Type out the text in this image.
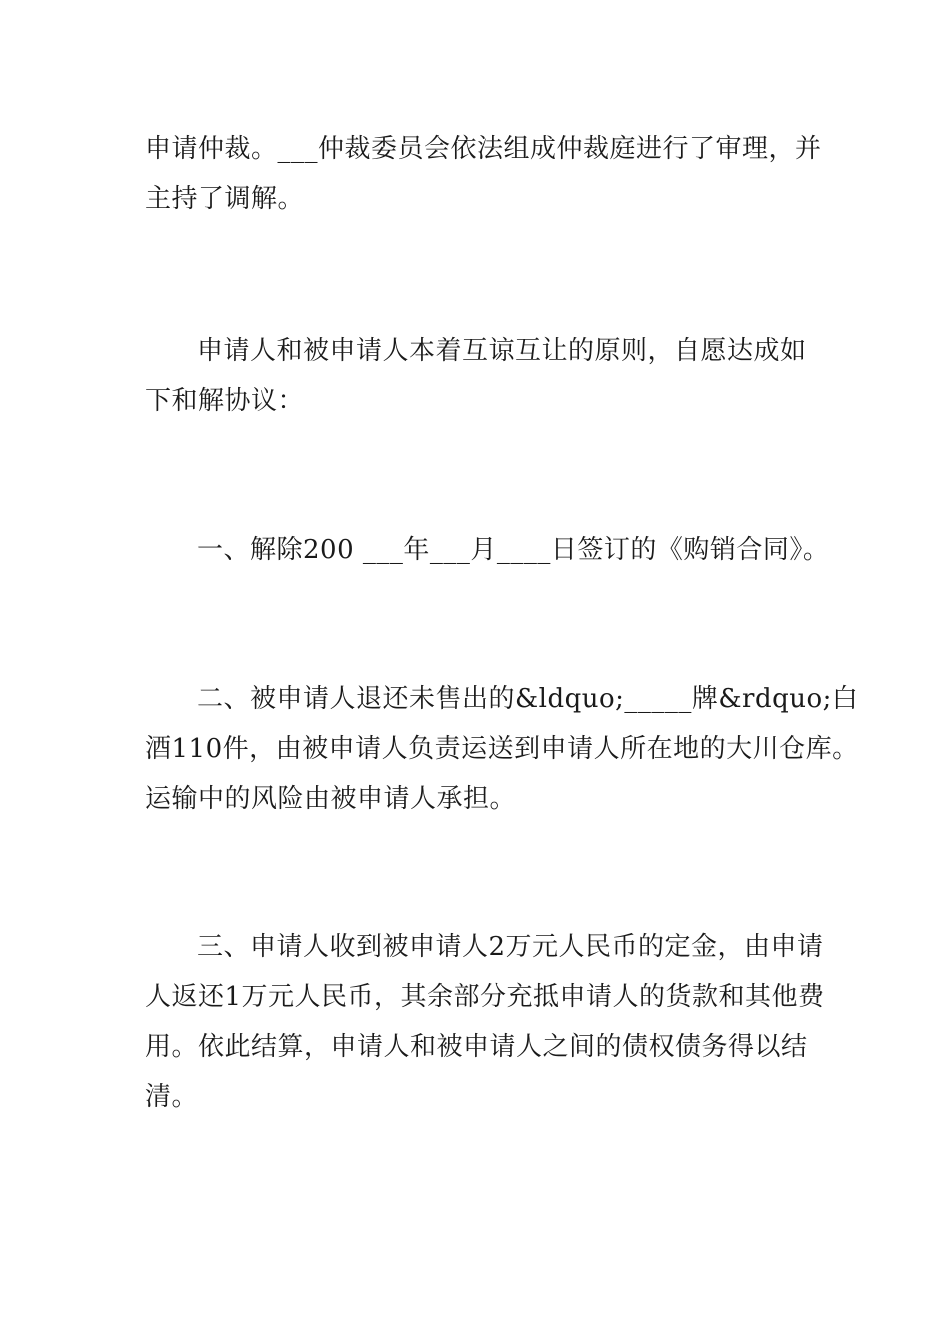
申请仲裁。___仲裁委员会依法组成仲裁庭进行了审理，并

主持了调解。

申请人和被申请人本着互谅互让的原则，自愿达成如

下和解协议：

一、解除200 ___年___月____日签订的《购销合同》。

二、被申请人退还未售出的&ldquo;_____牌&rdquo;白

酒110件，由被申请人负责运送到申请人所在地的大川仓库。

运输中的风险由被申请人承担。

三、申请人收到被申请人2万元人民币的定金，由申请

人返还1万元人民币，其余部分充抵申请人的货款和其他费

用。依此结算，申请人和被申请人之间的债权债务得以结

清。
